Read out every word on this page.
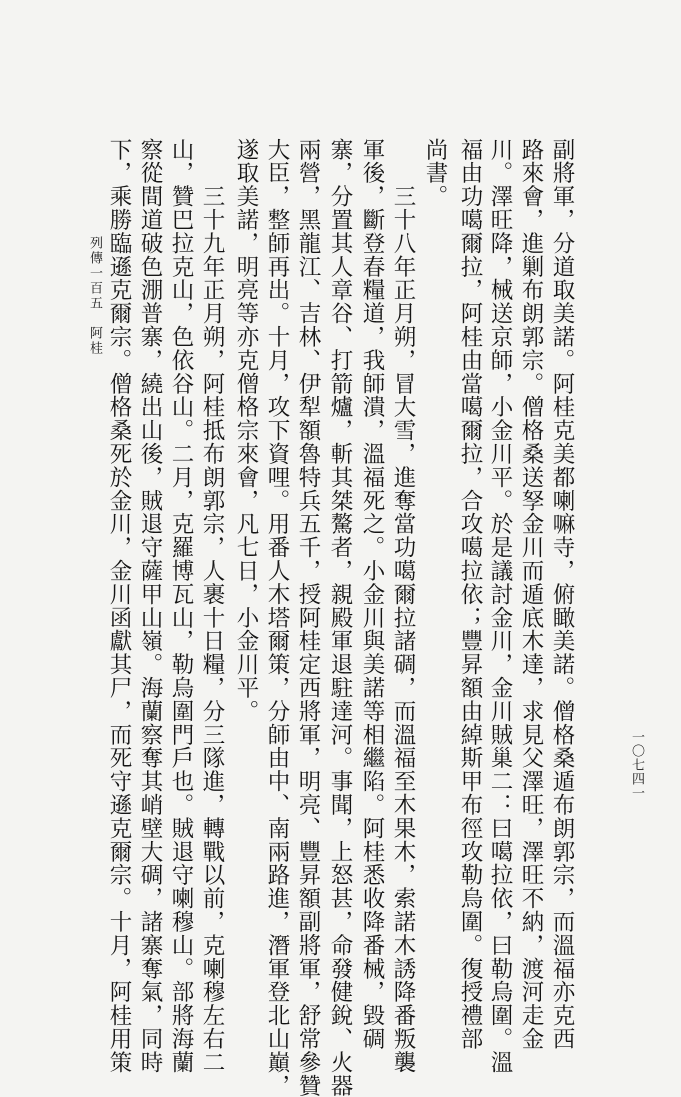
副將軍，分道取美諾。阿桂克美都喇嘛寺，俯瞰美諾。僧格桑遁布朗郭宗，而溫福亦克西
路來會，進剿布朗郭宗。僧格桑送孥金川而遁底木達，求見父澤旺，澤旺不納，渡河走金
川。澤旺降，械送京師，小金川平。於是議討金川，金川賊巢二：曰噶拉依，曰勒烏圍。溫
福由功噶爾拉，阿桂由當噶爾拉，合攻噶拉依；豐昇額由綽斯甲布徑攻勒烏圍。復授禮部
尚書。
　　三十八年正月朔，冒大雪，進奪當功噶爾拉諸碉，而溫福至木果木，索諾木誘降番叛襲
軍後，斷登春糧道，我師潰，溫福死之。小金川與美諾等相繼陷。阿桂悉收降番械，毀碉
寨，分置其人章谷、打箭爐，斬其桀驁者，親殿軍退駐達河。事聞，上怒甚，命發健銳、火器
兩營，黑龍江、吉林、伊犁額魯特兵五千，授阿桂定西將軍，明亮、豐昇額副將軍，舒常參贊
大臣，整師再出。十月，攻下資哩。用番人木塔爾策，分師由中、南兩路進，潛軍登北山巔，
遂取美諾，明亮等亦克僧格宗來會，凡七日，小金川平。
　　三十九年正月朔，阿桂抵布朗郭宗，人裹十日糧，分三隊進，轉戰以前，克喇穆左右二
山，贊巴拉克山，色依谷山。二月，克羅博瓦山，勒烏圍門戶也。賊退守喇穆山。部將海蘭
察從間道破色淜普寨，繞出山後，賊退守薩甲山嶺。海蘭察奪其峭壁大碉，諸寨奪氣，同時
下，乘勝臨遜克爾宗。僧格桑死於金川，金川函獻其尸，而死守遜克爾宗。十月，阿桂用策
列傳一百五　阿桂
一〇七四一
